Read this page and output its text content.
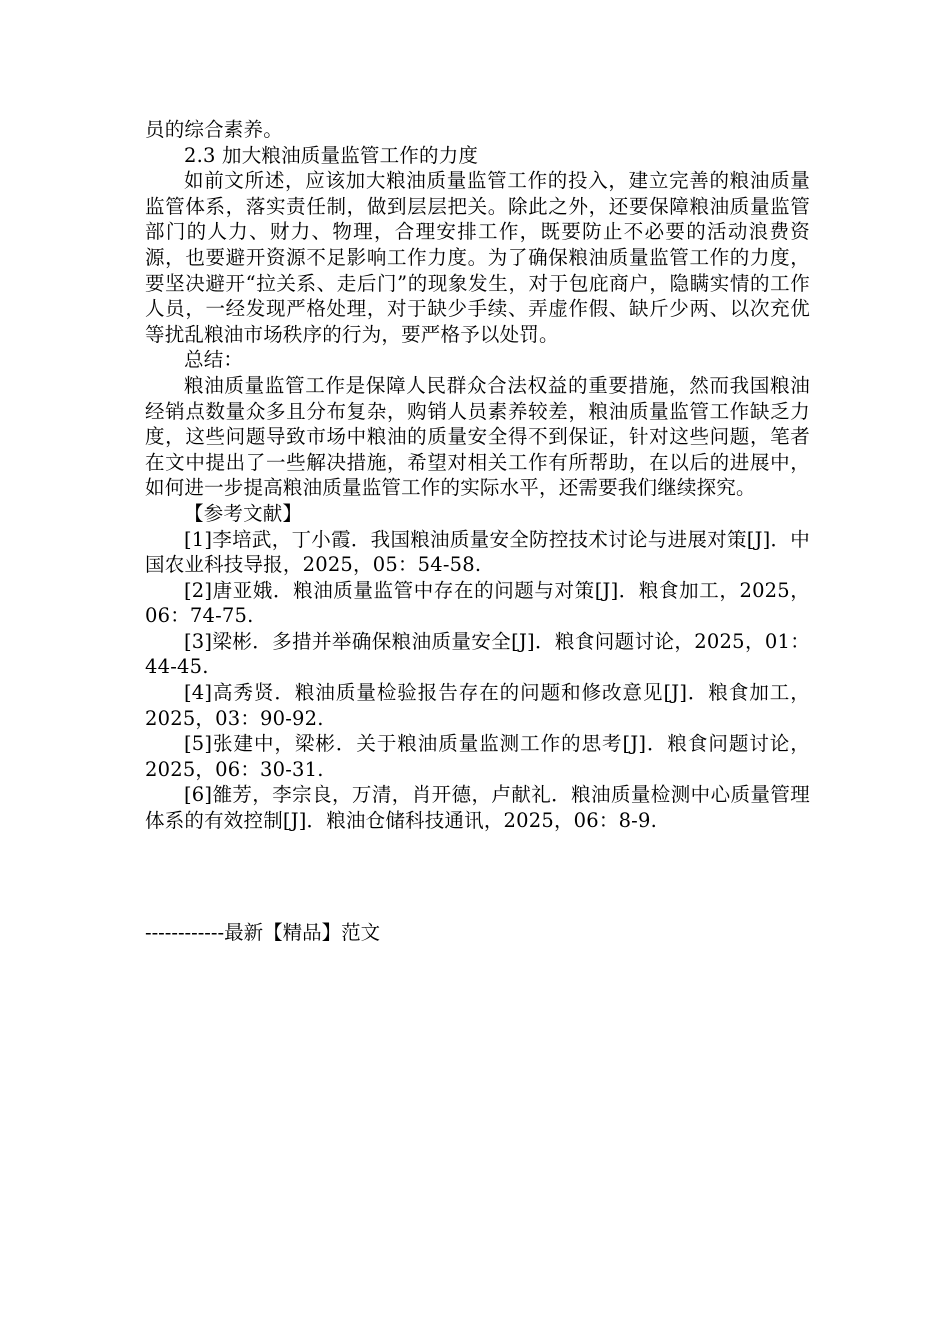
员的综合素养。

2.3 加大粮油质量监管工作的力度

如前文所述，应该加大粮油质量监管工作的投入，建立完善的粮油质量监管体系，落实责任制，做到层层把关。除此之外，还要保障粮油质量监管部门的人力、财力、物理，合理安排工作，既要防止不必要的活动浪费资源，也要避开资源不足影响工作力度。为了确保粮油质量监管工作的力度，要坚决避开“拉关系、走后门”的现象发生，对于包庇商户，隐瞒实情的工作人员，一经发现严格处理，对于缺少手续、弄虚作假、缺斤少两、以次充优等扰乱粮油市场秩序的行为，要严格予以处罚。

总结：

粮油质量监管工作是保障人民群众合法权益的重要措施，然而我国粮油经销点数量众多且分布复杂，购销人员素养较差，粮油质量监管工作缺乏力度，这些问题导致市场中粮油的质量安全得不到保证，针对这些问题，笔者在文中提出了一些解决措施，希望对相关工作有所帮助，在以后的进展中，如何进一步提高粮油质量监管工作的实际水平，还需要我们继续探究。

【参考文献】

[1]李培武，丁小霞．我国粮油质量安全防控技术讨论与进展对策[J]．中国农业科技导报，2025，05：54-58.

[2]唐亚娥．粮油质量监管中存在的问题与对策[J]．粮食加工，2025，06：74-75.

[3]梁彬．多措并举确保粮油质量安全[J]．粮食问题讨论，2025，01：44-45.

[4]高秀贤．粮油质量检验报告存在的问题和修改意见[J]．粮食加工，2025，03：90-92.

[5]张建中，梁彬．关于粮油质量监测工作的思考[J]．粮食问题讨论，2025，06：30-31.

[6]雒芳，李宗良，万清，肖开德，卢献礼．粮油质量检测中心质量管理体系的有效控制[J]．粮油仓储科技通讯，2025，06：8-9.

------------最新【精品】范文
